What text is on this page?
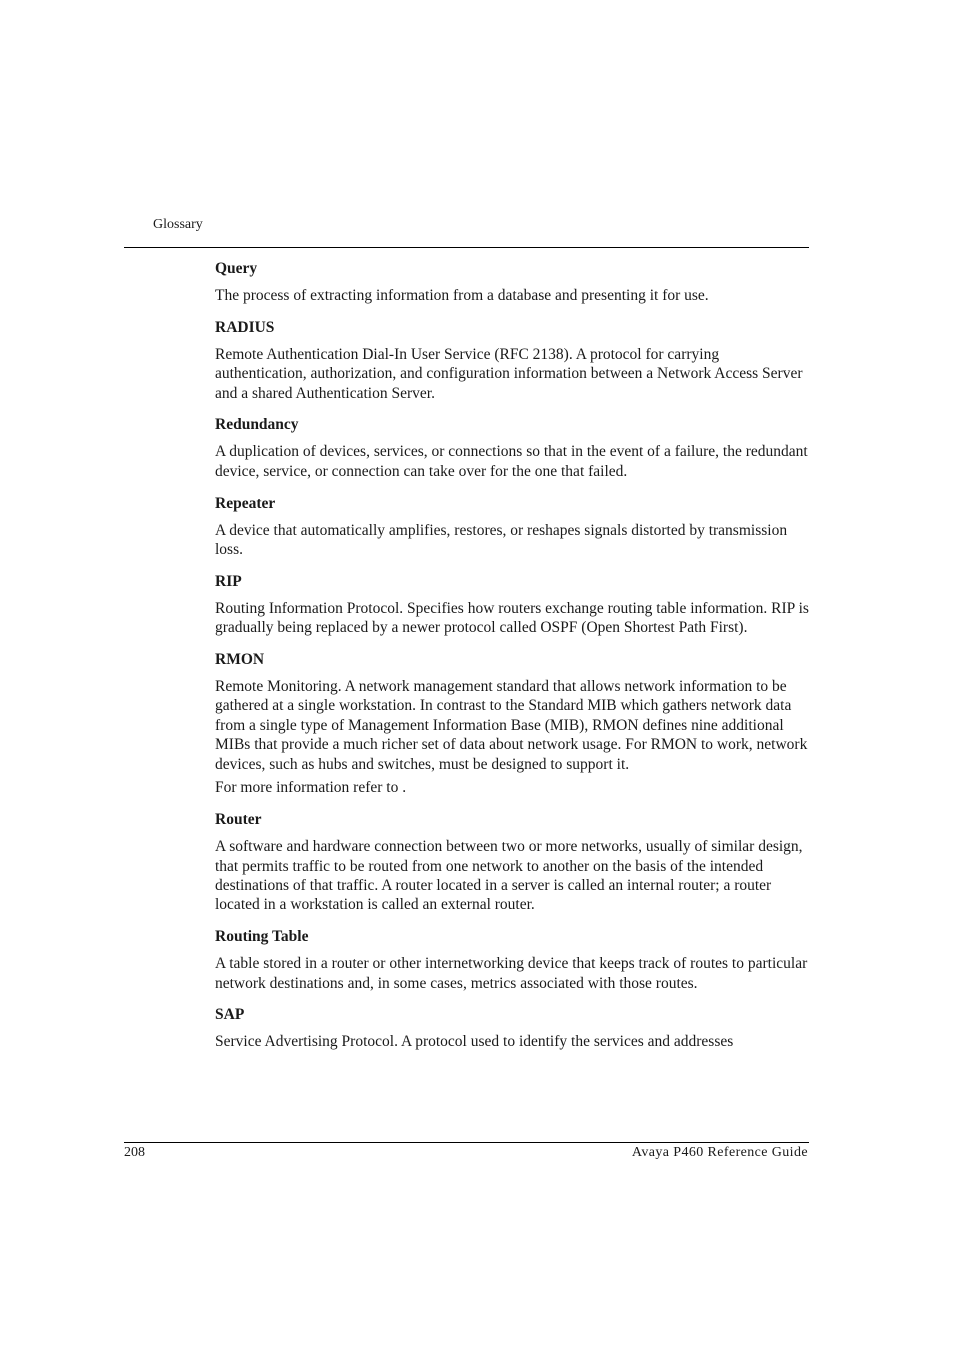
Glossary

Query

The process of extracting information from a database and presenting it for use.

RADIUS

Remote Authentication Dial-In User Service (RFC 2138). A protocol for carrying authentication, authorization, and configuration information between a Network Access Server and a shared Authentication Server.

Redundancy

A duplication of devices, services, or connections so that in the event of a failure, the redundant device, service, or connection can take over for the one that failed.

Repeater

A device that automatically amplifies, restores, or reshapes signals distorted by transmission loss.

RIP

Routing Information Protocol. Specifies how routers exchange routing table information. RIP is gradually being replaced by a newer protocol called OSPF (Open Shortest Path First).

RMON

Remote Monitoring. A network management standard that allows network information to be gathered at a single workstation. In contrast to the Standard MIB which gathers network data from a single type of Management Information Base (MIB), RMON defines nine additional MIBs that provide a much richer set of data about network usage. For RMON to work, network devices, such as hubs and switches, must be designed to support it.

For more information refer to .

Router

A software and hardware connection between two or more networks, usually of similar design, that permits traffic to be routed from one network to another on the basis of the intended destinations of that traffic. A router located in a server is called an internal router; a router located in a workstation is called an external router.

Routing Table

A table stored in a router or other internetworking device that keeps track of routes to particular network destinations and, in some cases, metrics associated with those routes.

SAP

Service Advertising Protocol. A protocol used to identify the services and addresses

208	Avaya P460 Reference Guide
